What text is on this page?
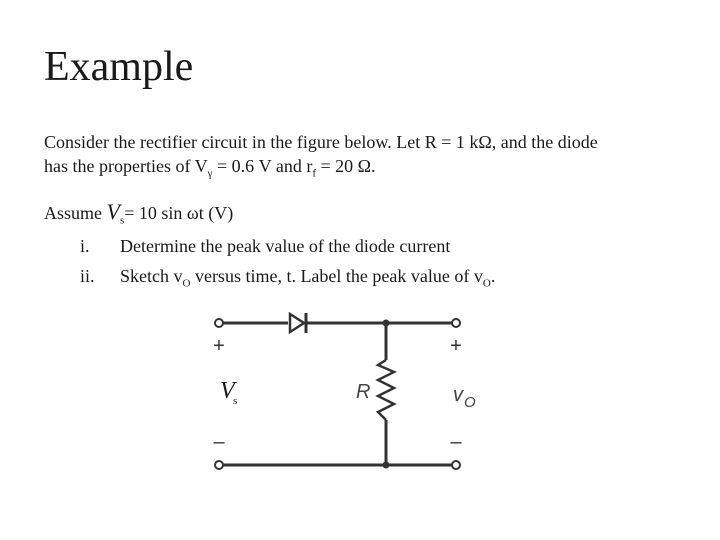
Example
Consider the rectifier circuit in the figure below. Let R = 1 kΩ, and the diode
has the properties of $V_\gamma = 0.6$ V and $r_f = 20$ Ω.
Assume $V_s= 10$ sin ωt (V)
i. Determine the peak value of the diode current
ii. Sketch $v_O$ versus time, t. Label the peak value of $v_O$.
+
–
+
–
V
s	R	v O
